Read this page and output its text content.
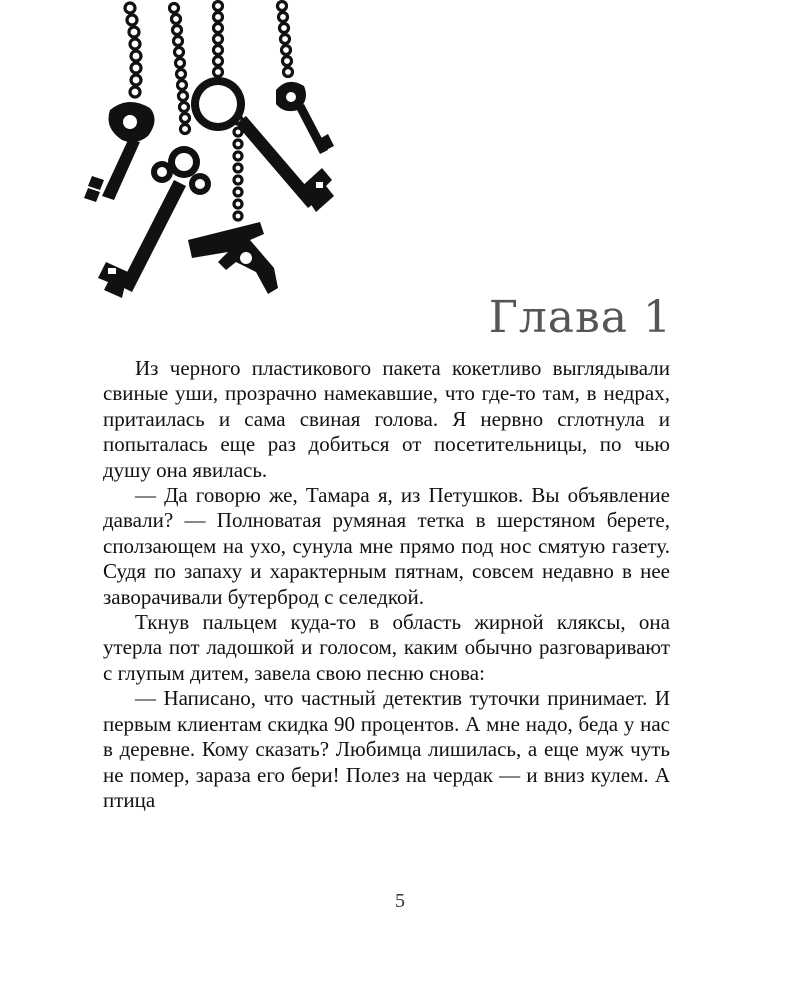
Глава 1

Из черного пластикового пакета кокетливо выглядывали свиные уши, прозрачно намекавшие, что где-то там, в недрах, притаилась и сама свиная голова. Я нервно сглотнула и попыталась еще раз добиться от посетительницы, по чью душу она явилась.

— Да говорю же, Тамара я, из Петушков. Вы объявление давали? — Полноватая румяная тетка в шерстяном берете, сползающем на ухо, сунула мне прямо под нос смятую газету. Судя по запаху и характерным пятнам, совсем недавно в нее заворачивали бутерброд с селедкой.

Ткнув пальцем куда-то в область жирной кляксы, она утерла пот ладошкой и голосом, каким обычно разговаривают с глупым дитем, завела свою песню снова:

— Написано, что частный детектив туточки принимает. И первым клиентам скидка 90 процентов. А мне надо, беда у нас в деревне. Кому сказать? Любимца лишилась, а еще муж чуть не помер, зараза его бери! Полез на чердак — и вниз кулем. А птица

5
